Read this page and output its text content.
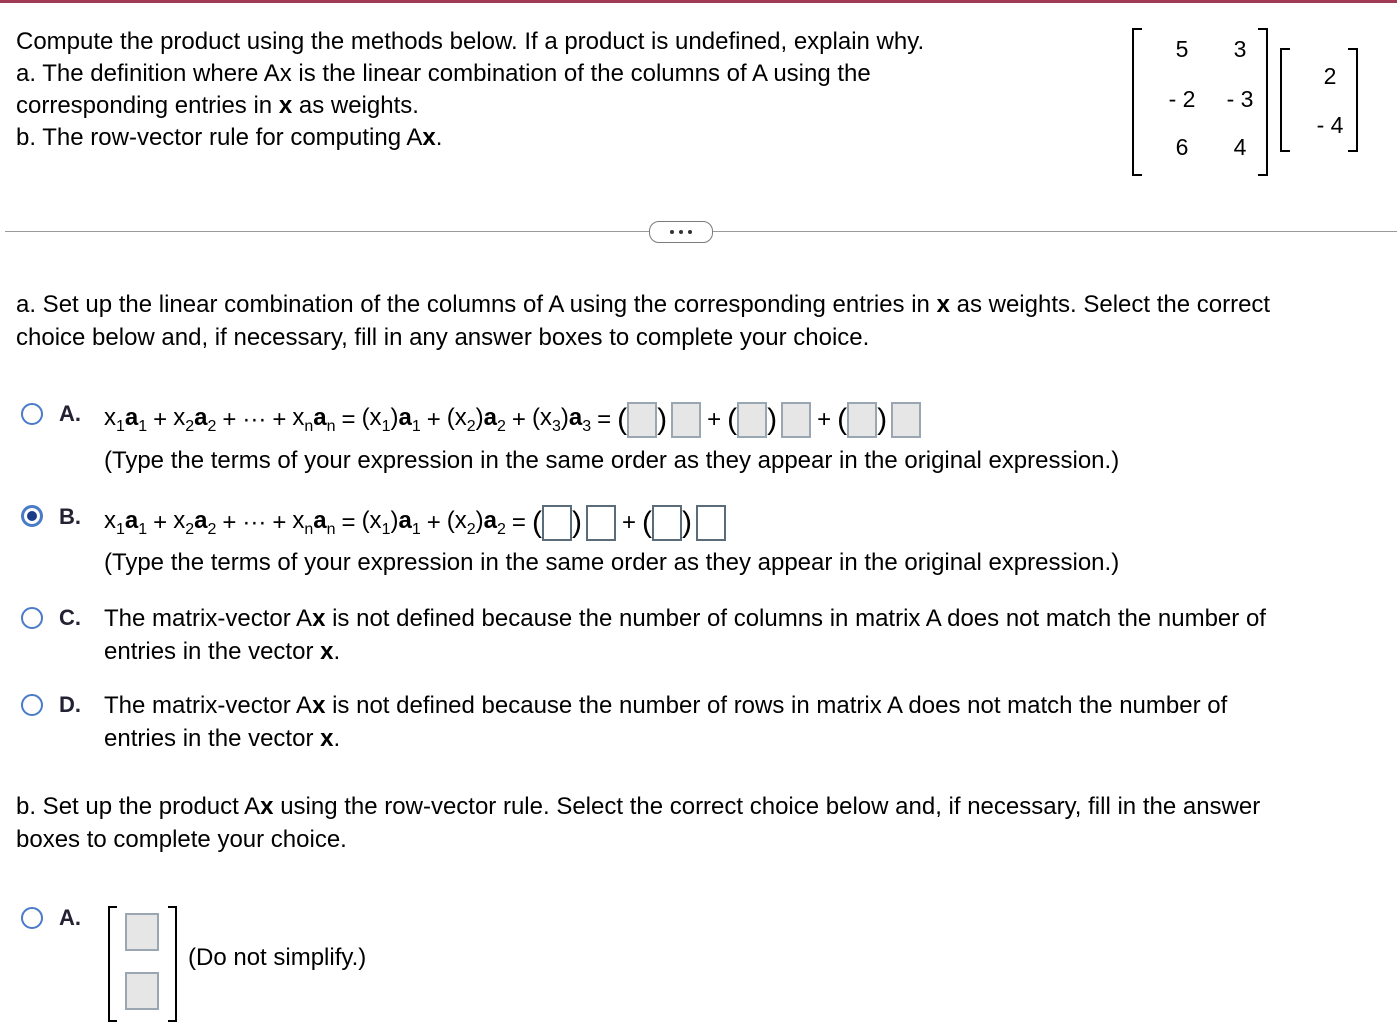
Compute the product using the methods below. If a product is undefined, explain why.
a. The definition where Ax is the linear combination of the columns of A using the
corresponding entries in x as weights.
b. The row-vector rule for computing Ax.
5	3
- 2	- 3
6	4
2
- 4
a. Set up the linear combination of the columns of A using the corresponding entries in x as weights. Select the correct
choice below and, if necessary, fill in any answer boxes to complete your choice.
A. $x_1a_1 + x_2a_2$ + ··· + $x_na_n = (x_1)a_1 + (x_2)a_2 + (x_3)a_3$ = ( ) + ( ) + ( )
(Type the terms of your expression in the same order as they appear in the original expression.)
B. $x_1a_1 + x_2a_2$ + ··· + $x_na_n = (x_1)a_1 + (x_2)a_2$ = ( ) + ( )
(Type the terms of your expression in the same order as they appear in the original expression.)
C. The matrix-vector Ax is not defined because the number of columns in matrix A does not match the number of
entries in the vector x.
D. The matrix-vector Ax is not defined because the number of rows in matrix A does not match the number of
entries in the vector x.
b. Set up the product Ax using the row-vector rule. Select the correct choice below and, if necessary, fill in the answer
boxes to complete your choice.
A.
(Do not simplify.)
